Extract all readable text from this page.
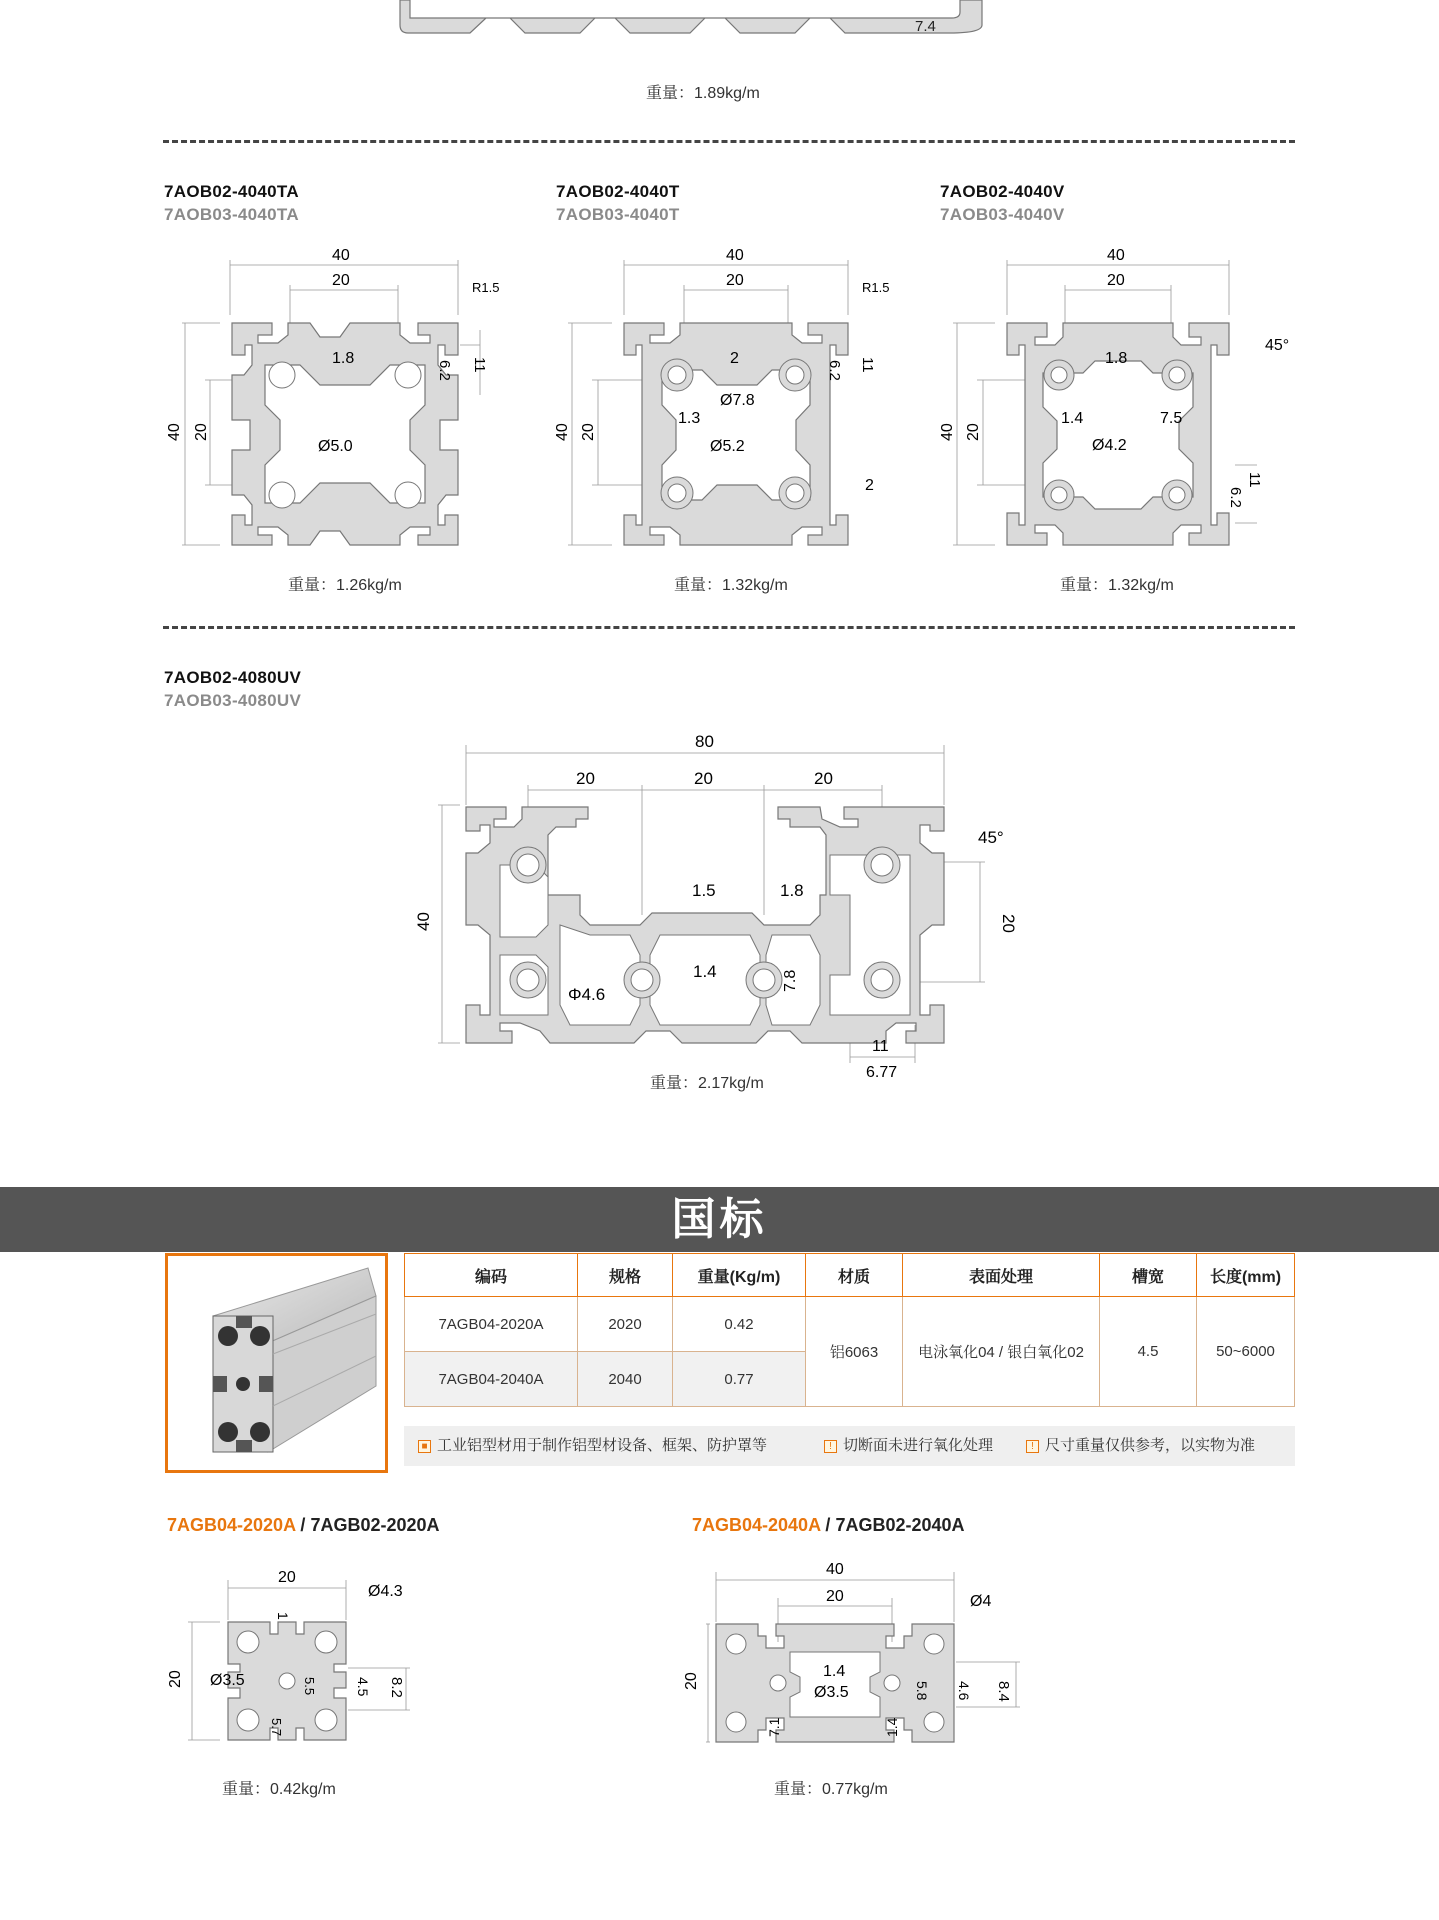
7.4
重量：1.89kg/m
7AOB02-4040TA
7AOB03-4040TA
7AOB02-4040T
7AOB03-4040T
7AOB02-4040V
7AOB03-4040V
40
20	R1.5
1.8
6.2 11
40 20
Ø5.0
重量：1.26kg/m
40
20	R1.5
2
6.2 11
40 20
Ø7.8
1.3
Ø5.2
2
重量：1.32kg/m
40
20
45°
1.8
40 20
1.4	7.5
Ø4.2
11
6.2
重量：1.32kg/m
7AOB02-4080UV
7AOB03-4080UV
80
20	20	20
45°
40	20
1.5	1.8
1.4
Φ4.6
7.8
11
6.77
重量：2.17kg/m
国标
编码	规格	重量(Kg/m)	材质	表面处理	槽宽	长度(mm)
7AGB04-2020A	2020	0.42	铝6063	电泳氧化04 / 银白氧化02	4.5	50~6000
7AGB04-2040A	2040	0.77				
■ 工业铝型材用于制作铝型材设备、框架、防护罩等	! 切断面未进行氧化处理	! 尺寸重量仅供参考，以实物为准
7AGB04-2020A / 7AGB02-2020A	7AGB04-2040A / 7AGB02-2040A
20
Ø4.3
1
20 Ø3.5	5.5	4.5 8.2
5.7
重量：0.42kg/m
40
20	Ø4
1.4
Ø3.5
20
7.1	1.4
5.8 4.6 8.4
重量：0.77kg/m
